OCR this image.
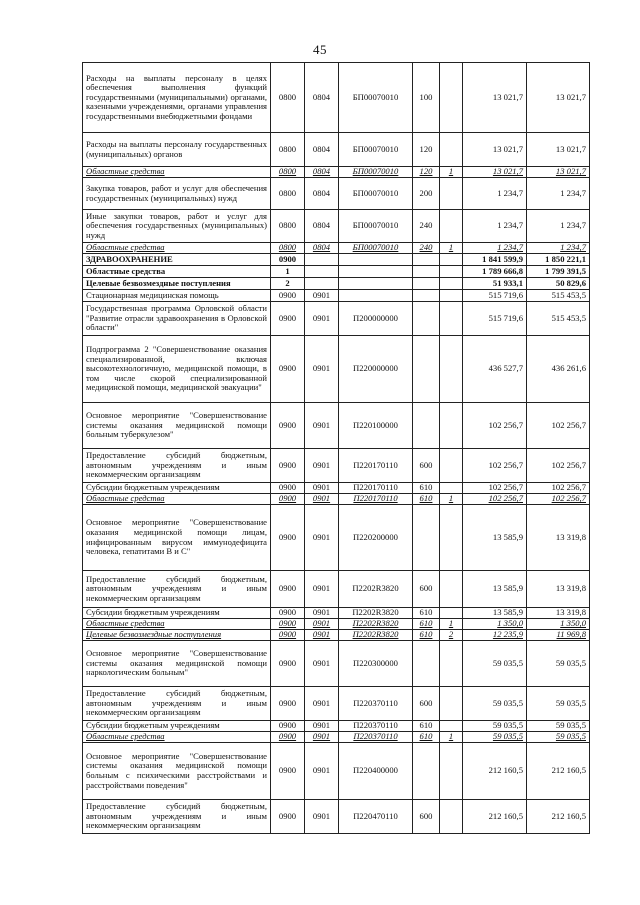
45
Расходы на выплаты персоналу в целях обеспечения выполнения функций государственными (муниципальными) органами, казенными учреждениями, органами управления государственными внебюджетными фондами	0800	0804	БП00070010	100		13 021,7	13 021,7
Расходы на выплаты персоналу государственных (муниципальных) органов	0800	0804	БП00070010	120		13 021,7	13 021,7
Областные средства	0800	0804	БП00070010	120	1	13 021,7	13 021,7
Закупка товаров, работ и услуг для обеспечения государственных (муниципальных) нужд	0800	0804	БП00070010	200		1 234,7	1 234,7
Иные закупки товаров, работ и услуг для обеспечения государственных (муниципальных) нужд	0800	0804	БП00070010	240		1 234,7	1 234,7
Областные средства	0800	0804	БП00070010	240	1	1 234,7	1 234,7
ЗДРАВООХРАНЕНИЕ	0900					1 841 599,9	1 850 221,1
Областные средства	1					1 789 666,8	1 799 391,5
Целевые безвозмездные поступления	2					51 933,1	50 829,6
Стационарная медицинская помощь	0900	0901				515 719,6	515 453,5
Государственная программа Орловской области "Развитие отрасли здравоохранения в Орловской области"	0900	0901	П200000000			515 719,6	515 453,5
Подпрограмма 2 "Совершенствование оказания специализированной, включая высокотехнологичную, медицинской помощи, в том числе скорой специализированной медицинской помощи, медицинской эвакуации"	0900	0901	П220000000			436 527,7	436 261,6
Основное мероприятие "Совершенствование системы оказания медицинской помощи больным туберкулезом"	0900	0901	П220100000			102 256,7	102 256,7
Предоставление субсидий бюджетным, автономным учреждениям и иным некоммерческим организациям	0900	0901	П220170110	600		102 256,7	102 256,7
Субсидии бюджетным учреждениям	0900	0901	П220170110	610		102 256,7	102 256,7
Областные средства	0900	0901	П220170110	610	1	102 256,7	102 256,7
Основное мероприятие "Совершенствование оказания медицинской помощи лицам, инфицированным вирусом иммунодефицита человека, гепатитами В и С"	0900	0901	П220200000			13 585,9	13 319,8
Предоставление субсидий бюджетным, автономным учреждениям и иным некоммерческим организациям	0900	0901	П2202R3820	600		13 585,9	13 319,8
Субсидии бюджетным учреждениям	0900	0901	П2202R3820	610		13 585,9	13 319,8
Областные средства	0900	0901	П2202R3820	610	1	1 350,0	1 350,0
Целевые безвозмездные поступления	0900	0901	П2202R3820	610	2	12 235,9	11 969,8
Основное мероприятие "Совершенствование системы оказания медицинской помощи наркологическим больным"	0900	0901	П220300000			59 035,5	59 035,5
Предоставление субсидий бюджетным, автономным учреждениям и иным некоммерческим организациям	0900	0901	П220370110	600		59 035,5	59 035,5
Субсидии бюджетным учреждениям	0900	0901	П220370110	610		59 035,5	59 035,5
Областные средства	0900	0901	П220370110	610	1	59 035,5	59 035,5
Основное мероприятие "Совершенствование системы оказания медицинской помощи больным с психическими расстройствами и расстройствами поведения"	0900	0901	П220400000			212 160,5	212 160,5
Предоставление субсидий бюджетным, автономным учреждениям и иным некоммерческим организациям	0900	0901	П220470110	600		212 160,5	212 160,5
